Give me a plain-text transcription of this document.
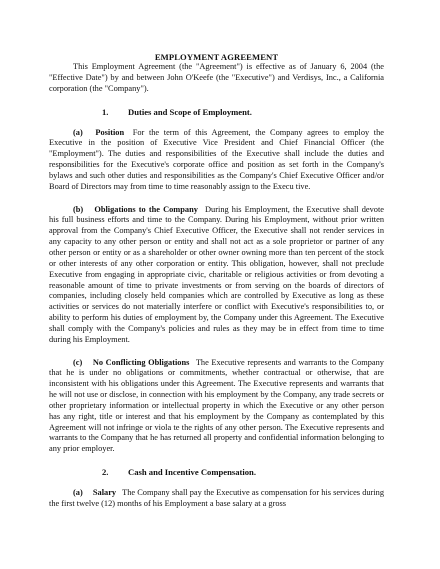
EMPLOYMENT AGREEMENT

This Employment Agreement (the "Agreement") is effective as of January 6, 2004 (the "Effective Date") by and between John O'Keefe (the "Executive") and Verdisys, Inc., a California corporation (the "Company").

1. Duties and Scope of Employment.

(a) Position For the term of this Agreement, the Company agrees to employ the Executive in the position of Executive Vice President and Chief Financial Officer (the "Employment"). The duties and responsibilities of the Executive shall include the duties and responsibilities for the Executive's corporate office and position as set forth in the Company's bylaws and such other duties and responsibilities as the Company's Chief Executive Officer and/or Board of Directors may from time to time reasonably assign to the Execu tive.

(b) Obligations to the Company During his Employment, the Executive shall devote his full business efforts and time to the Company. During his Employment, without prior written approval from the Company's Chief Executive Officer, the Executive shall not render services in any capacity to any other person or entity and shall not act as a sole proprietor or partner of any other person or entity or as a shareholder or other owner owning more than ten percent of the stock or other interests of any other corporation or entity. This obligation, however, shall not preclude Executive from engaging in appropriate civic, charitable or religious activities or from devoting a reasonable amount of time to private investments or from serving on the boards of directors of companies, including closely held companies which are controlled by Executive as long as these activities or services do not materially interfere or conflict with Executive's responsibilities to, or ability to perform his duties of employment by, the Company under this Agreement. The Executive shall comply with the Company's policies and rules as they may be in effect from time to time during his Employment.

(c) No Conflicting Obligations The Executive represents and warrants to the Company that he is under no obligations or commitments, whether contractual or otherwise, that are inconsistent with his obligations under this Agreement. The Executive represents and warrants that he will not use or disclose, in connection with his employment by the Company, any trade secrets or other proprietary information or intellectual property in which the Executive or any other person has any right, title or interest and that his employment by the Company as contemplated by this Agreement will not infringe or viola te the rights of any other person. The Executive represents and warrants to the Company that he has returned all property and confidential information belonging to any prior employer.

2. Cash and Incentive Compensation.

(a) Salary The Company shall pay the Executive as compensation for his services during the first twelve (12) months of his Employment a base salary at a gross
